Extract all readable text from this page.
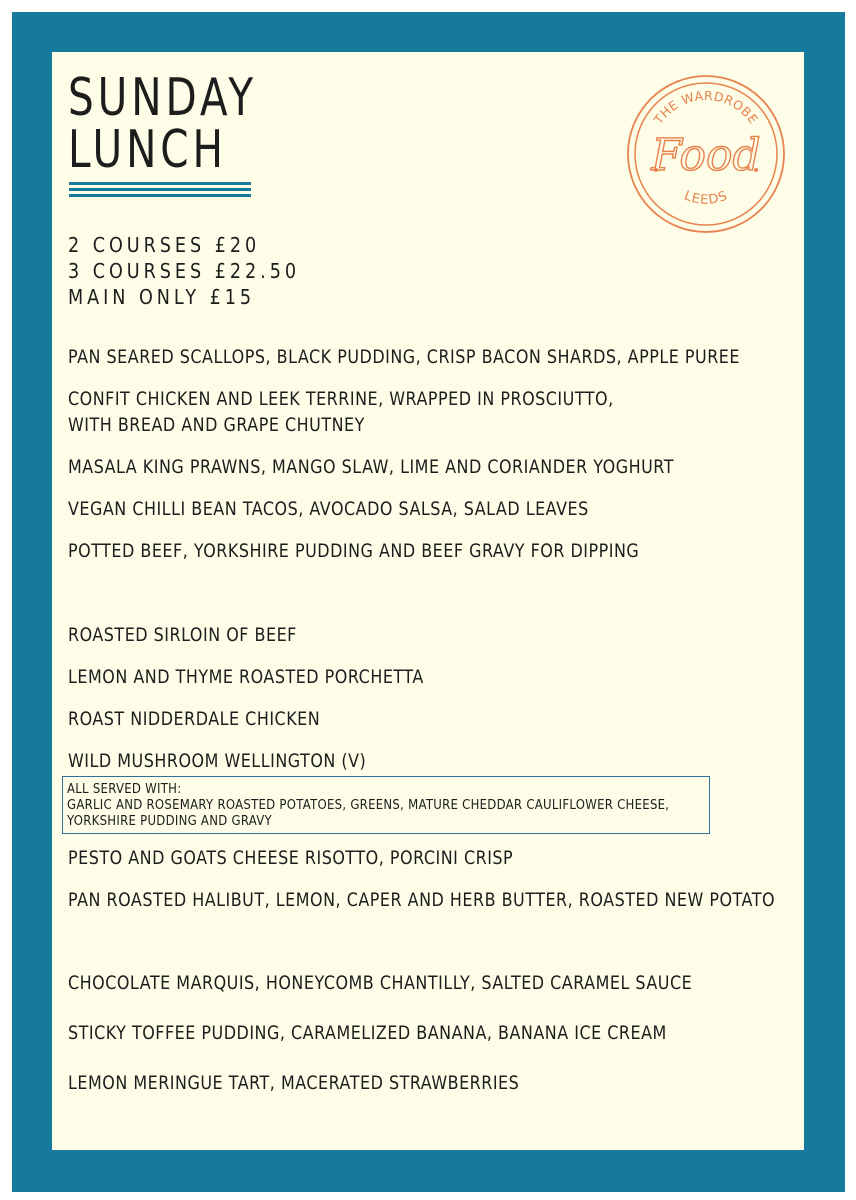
SUNDAY
LUNCH
2 COURSES £20
3 COURSES £22.50
MAIN ONLY £15
PAN SEARED SCALLOPS, BLACK PUDDING, CRISP BACON SHARDS, APPLE PUREE
CONFIT CHICKEN AND LEEK TERRINE, WRAPPED IN PROSCIUTTO,
WITH BREAD AND GRAPE CHUTNEY
MASALA KING PRAWNS, MANGO SLAW, LIME AND CORIANDER YOGHURT
VEGAN CHILLI BEAN TACOS, AVOCADO SALSA, SALAD LEAVES
POTTED BEEF, YORKSHIRE PUDDING AND BEEF GRAVY FOR DIPPING
ROASTED SIRLOIN OF BEEF
LEMON AND THYME ROASTED PORCHETTA
ROAST NIDDERDALE CHICKEN
WILD MUSHROOM WELLINGTON (V)
ALL SERVED WITH:
GARLIC AND ROSEMARY ROASTED POTATOES, GREENS, MATURE CHEDDAR CAULIFLOWER CHEESE,
YORKSHIRE PUDDING AND GRAVY
PESTO AND GOATS CHEESE RISOTTO, PORCINI CRISP
PAN ROASTED HALIBUT, LEMON, CAPER AND HERB BUTTER, ROASTED NEW POTATO
CHOCOLATE MARQUIS, HONEYCOMB CHANTILLY, SALTED CARAMEL SAUCE
STICKY TOFFEE PUDDING, CARAMELIZED BANANA, BANANA ICE CREAM
LEMON MERINGUE TART, MACERATED STRAWBERRIES
THE WARDROBE
LEEDS
Food
